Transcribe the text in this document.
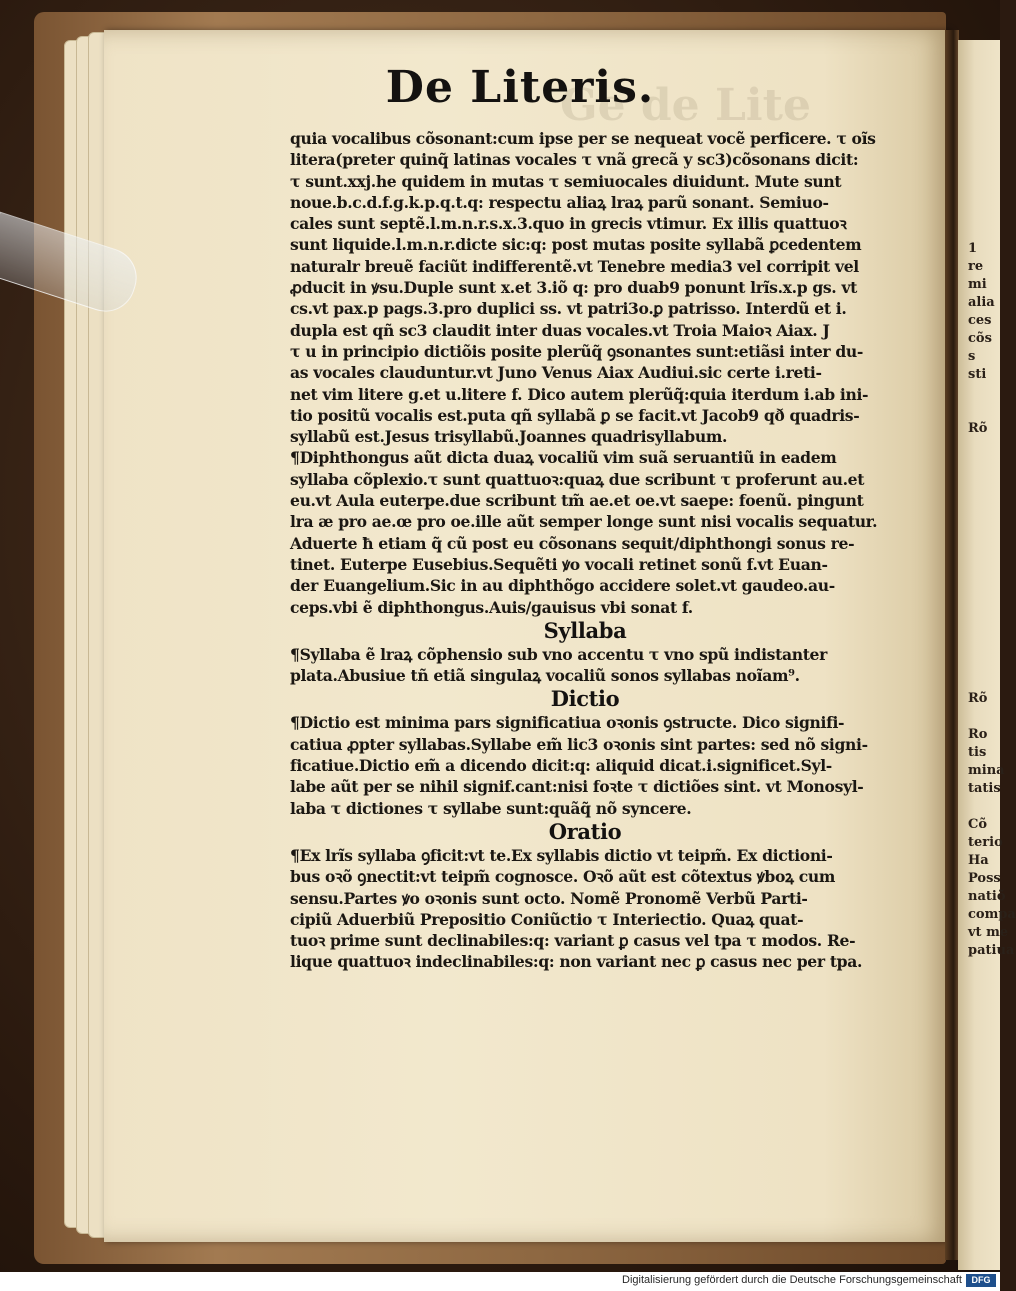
1
re
mi
alia
ces
cõs
s
sti

Rõ

Rõ

Ro
tis
mina
tatis

Cõ
terio
Ha
Poss
natiõ
compa
vt me
patiua
Ge de Lite
De Literis.
quia vocalibus cõsonant:cum ipse per se nequeat vocẽ perficere. τ oĩs
litera(preter quinq̃ latinas vocales τ vnã grecã y sc3)cõsonans dicit:
τ sunt.xxj.he quidem in mutas τ semiuocales diuidunt. Mute sunt
noue.b.c.d.f.g.k.p.q.t.q: respectu aliaꝝ lraꝝ parũ sonant. Semiuo-
cales sunt septẽ.l.m.n.r.s.x.3.quo in grecis vtimur. Ex illis quattuoꝛ
sunt liquide.l.m.n.r.dicte sic:q: post mutas posite syllabã ꝑcedentem
naturalr breuẽ faciũt indifferentẽ.vt Tenebre media3 vel corripit vel
ꝓducit in ꝟsu.Duple sunt x.et 3.iõ q: pro duab9 ponunt lrĩs.x.p gs. vt
cs.vt pax.p pags.3.pro duplici ss. vt patri3o.ꝑ patrisso. Interdũ et i.
dupla est qñ sc3 claudit inter duas vocales.vt Troia Maioꝛ Aiax. J
τ u in principio dictiõis posite plerũq̃ ꝯsonantes sunt:etiãsi inter du-
as vocales clauduntur.vt Juno Venus Aiax Audiui.sic certe i.reti-
net vim litere g.et u.litere f. Dico autem plerũq̃:quia iterdum i.ab ini-
tio positũ vocalis est.puta qñ syllabã ꝑ se facit.vt Jacob9 qð quadris-
syllabũ est.Jesus trisyllabũ.Joannes quadrisyllabum.
¶Diphthongus aũt dicta duaꝝ vocaliũ vim suã seruantiũ in eadem
syllaba cõplexio.τ sunt quattuoꝛ:quaꝝ due scribunt τ proferunt au.et
eu.vt Aula euterpe.due scribunt tm̃ ae.et oe.vt saepe: foenũ. pingunt
lra æ pro ae.œ pro oe.ille aũt semper longe sunt nisi vocalis sequatur.
Aduerte ħ etiam q̃ cũ post eu cõsonans sequit/diphthongi sonus re-
tinet. Euterpe Eusebius.Sequẽti ꝟo vocali retinet sonũ f.vt Euan-
der Euangelium.Sic in au diphthõgo accidere solet.vt gaudeo.au-
ceps.vbi ẽ diphthongus.Auis/gauisus vbi sonat f.
Syllaba
¶Syllaba ẽ lraꝝ cõphensio sub vno accentu τ vno spũ indistanter
plata.Abusiue tñ etiã singulaꝝ vocaliũ sonos syllabas noĩam⁹.
Dictio
¶Dictio est minima pars significatiua oꝛonis ꝯstructe. Dico signifi-
catiua ꝓpter syllabas.Syllabe em̃ lic3 oꝛonis sint partes: sed nõ signi-
ficatiue.Dictio em̃ a dicendo dicit:q: aliquid dicat.i.significet.Syl-
labe aũt per se nihil signif.cant:nisi foꝛte τ dictiões sint. vt Monosyl-
laba τ dictiones τ syllabe sunt:quãq̃ nõ syncere.
Oratio
¶Ex lrĩs syllaba ꝯficit:vt te.Ex syllabis dictio vt teipm̃. Ex dictioni-
bus oꝛõ ꝯnectit:vt teipm̃ cognosce. Oꝛõ aũt est cõtextus ꝟboꝝ cum
sensu.Partes ꝟo oꝛonis sunt octo. Nomẽ Pronomẽ Verbũ Parti-
cipiũ Aduerbiũ Prepositio Coniũctio τ Interiectio. Quaꝝ quat-
tuoꝛ prime sunt declinabiles:q: variant ꝑ casus vel tpa τ modos. Re-
lique quattuoꝛ indeclinabiles:q: non variant nec ꝑ casus nec per tpa.
Digitalisierung gefördert durch die Deutsche Forschungsgemeinschaft	DFG
